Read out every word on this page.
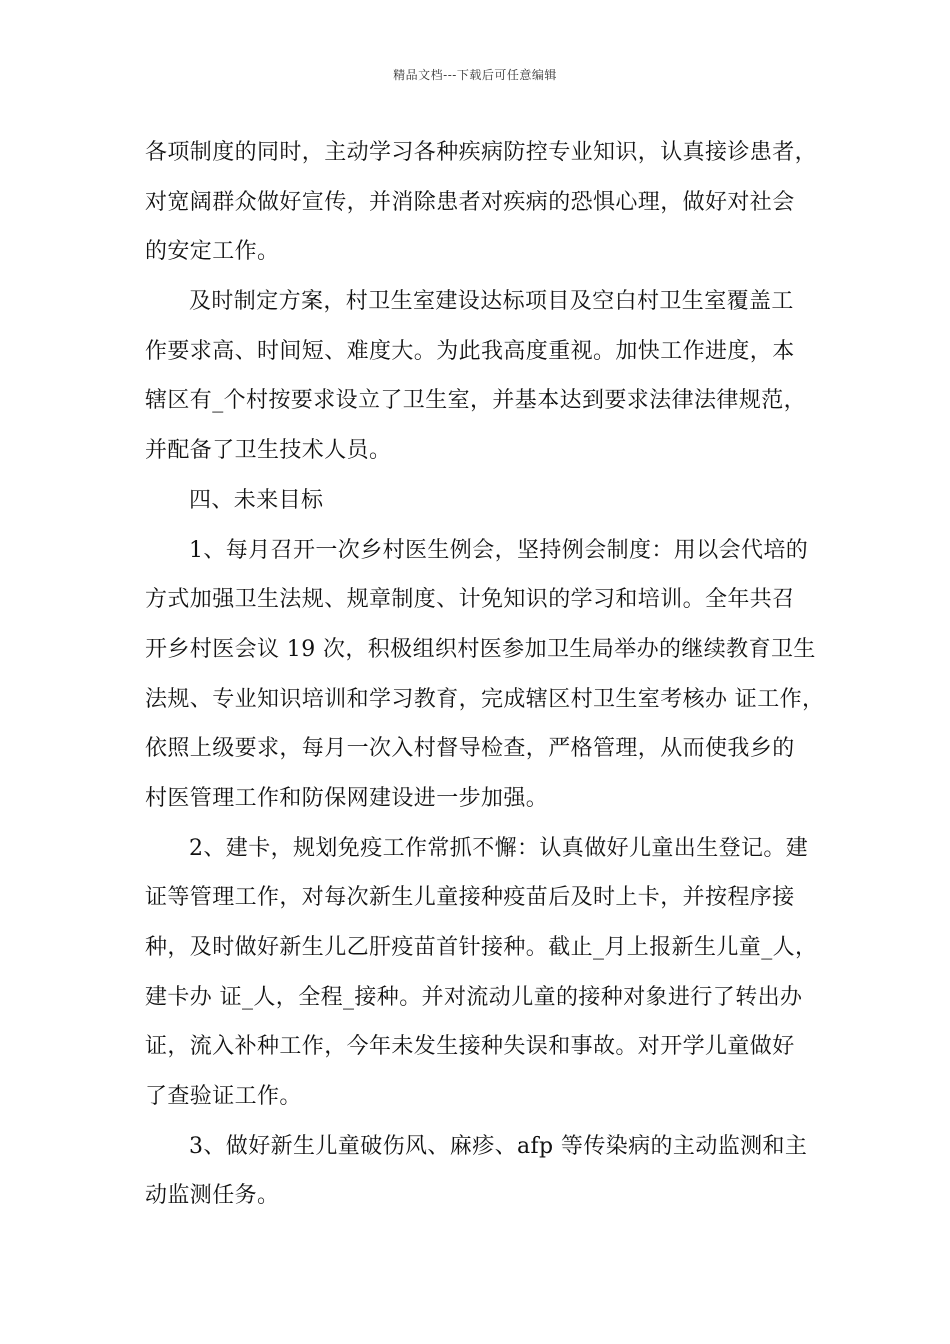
精品文档---下载后可任意编辑
各项制度的同时，主动学习各种疾病防控专业知识，认真接诊患者，
对宽阔群众做好宣传，并消除患者对疾病的恐惧心理，做好对社会
的安定工作。
及时制定方案，村卫生室建设达标项目及空白村卫生室覆盖工
作要求高、时间短、难度大。为此我高度重视。加快工作进度，本
辖区有_个村按要求设立了卫生室，并基本达到要求法律法律规范，
并配备了卫生技术人员。
四、未来目标
1、每月召开一次乡村医生例会，坚持例会制度：用以会代培的
方式加强卫生法规、规章制度、计免知识的学习和培训。全年共召
开乡村医会议 19 次，积极组织村医参加卫生局举办的继续教育卫生
法规、专业知识培训和学习教育，完成辖区村卫生室考核办 证工作，
依照上级要求，每月一次入村督导检查，严格管理，从而使我乡的
村医管理工作和防保网建设进一步加强。
2、建卡，规划免疫工作常抓不懈：认真做好儿童出生登记。建
证等管理工作，对每次新生儿童接种疫苗后及时上卡，并按程序接
种，及时做好新生儿乙肝疫苗首针接种。截止_月上报新生儿童_人，
建卡办 证_人，全程_接种。并对流动儿童的接种对象进行了转出办
证，流入补种工作，今年未发生接种失误和事故。对开学儿童做好
了查验证工作。
3、做好新生儿童破伤风、麻疹、afp 等传染病的主动监测和主
动监测任务。
